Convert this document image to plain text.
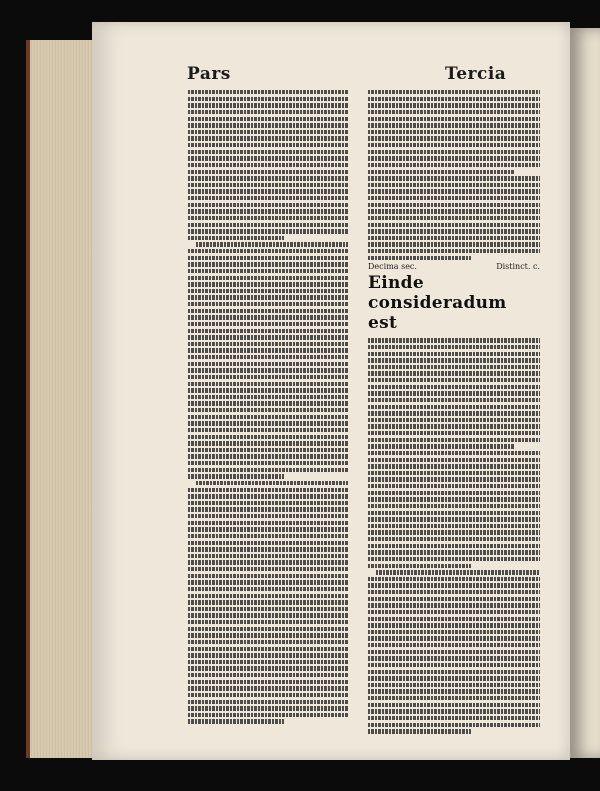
Pars	Tercia
Decima sec.	Distinct. c.
Einde consideradum est
